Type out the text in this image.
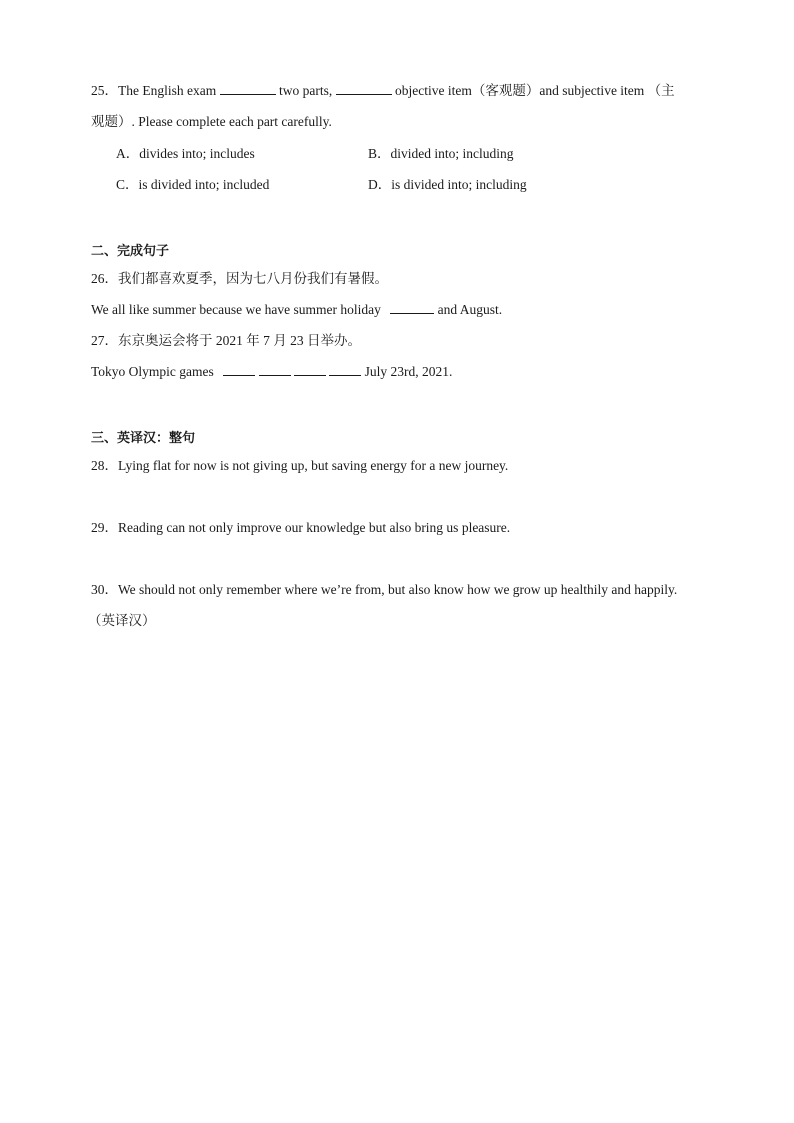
25．The English exam	two parts,	objective item（客观题）and subjective item （主
观题）. Please complete each part carefully.
A．divides into; includes	B．divided into; including
C．is divided into; included	D．is divided into; including
二、完成句子
26．我们都喜欢夏季，因为七八月份我们有暑假。
We all like summer because we have summer holiday	and August.
27．东京奥运会将于 2021 年 7 月 23 日举办。
Tokyo Olympic games	July 23rd, 2021.
三、英译汉：整句
28．Lying flat for now is not giving up, but saving energy for a new journey.
29．Reading can not only improve our knowledge but also bring us pleasure.
30．We should not only remember where we’re from, but also know how we grow up healthily and happily.
（英译汉）
